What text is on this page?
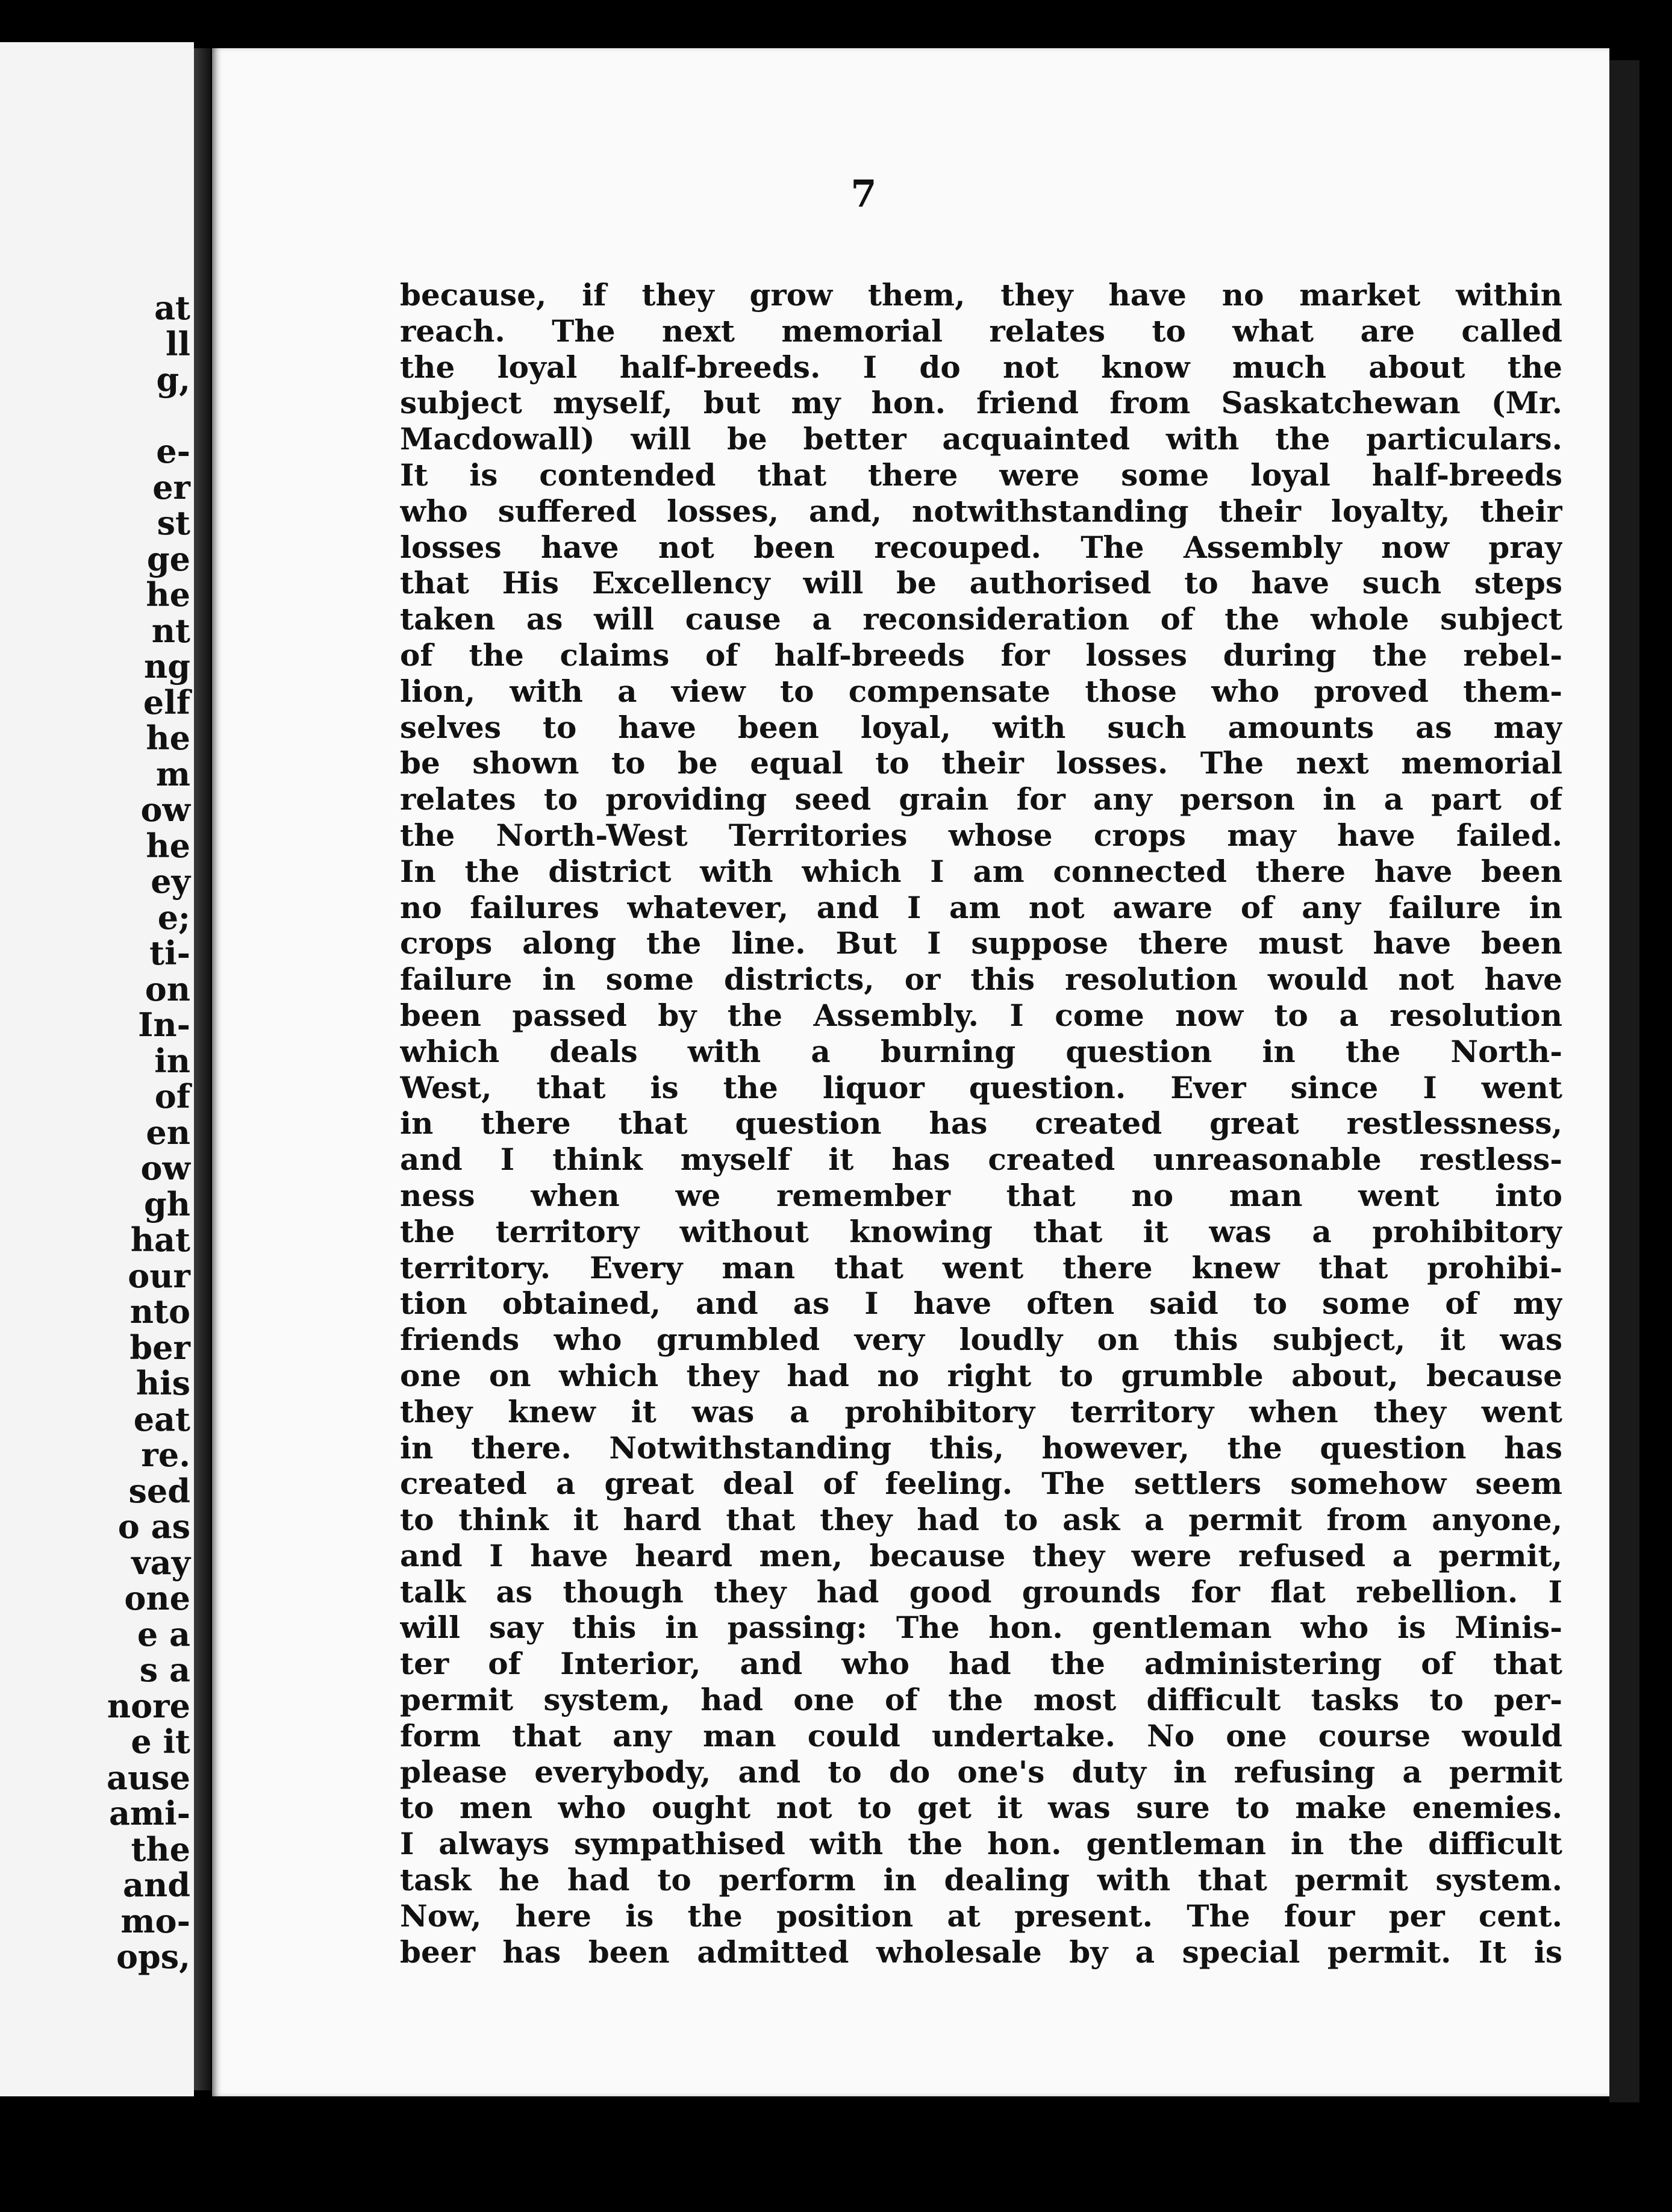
at
ll
g,
e-
er
st
ge
he
nt
ng
elf
he
m
ow
he
ey
e;
ti-
on
In-
in
of
en
ow
gh
hat
our
nto
ber
his
eat
re.
sed
o as
vay
one
e a
s a
nore
e it
ause
ami-
the
and
mo-
ops,
7
because, if they grow them, they have no market within
reach. The next memorial relates to what are called
the loyal half-breeds. I do not know much about the
subject myself, but my hon. friend from Saskatchewan (Mr.
Macdowall) will be better acquainted with the particulars.
It is contended that there were some loyal half-breeds
who suffered losses, and, notwithstanding their loyalty, their
losses have not been recouped. The Assembly now pray
that His Excellency will be authorised to have such steps
taken as will cause a reconsideration of the whole subject
of the claims of half-breeds for losses during the rebel-
lion, with a view to compensate those who proved them-
selves to have been loyal, with such amounts as may
be shown to be equal to their losses. The next memorial
relates to providing seed grain for any person in a part of
the North-West Territories whose crops may have failed.
In the district with which I am connected there have been
no failures whatever, and I am not aware of any failure in
crops along the line. But I suppose there must have been
failure in some districts, or this resolution would not have
been passed by the Assembly. I come now to a resolution
which deals with a burning question in the North-
West, that is the liquor question. Ever since I went
in there that question has created great restlessness,
and I think myself it has created unreasonable restless-
ness when we remember that no man went into
the territory without knowing that it was a prohibitory
territory. Every man that went there knew that prohibi-
tion obtained, and as I have often said to some of my
friends who grumbled very loudly on this subject, it was
one on which they had no right to grumble about, because
they knew it was a prohibitory territory when they went
in there. Notwithstanding this, however, the question has
created a great deal of feeling. The settlers somehow seem
to think it hard that they had to ask a permit from anyone,
and I have heard men, because they were refused a permit,
talk as though they had good grounds for flat rebellion. I
will say this in passing: The hon. gentleman who is Minis-
ter of Interior, and who had the administering of that
permit system, had one of the most difficult tasks to per-
form that any man could undertake. No one course would
please everybody, and to do one's duty in refusing a permit
to men who ought not to get it was sure to make enemies.
I always sympathised with the hon. gentleman in the difficult
task he had to perform in dealing with that permit system.
Now, here is the position at present. The four per cent.
beer has been admitted wholesale by a special permit. It is
